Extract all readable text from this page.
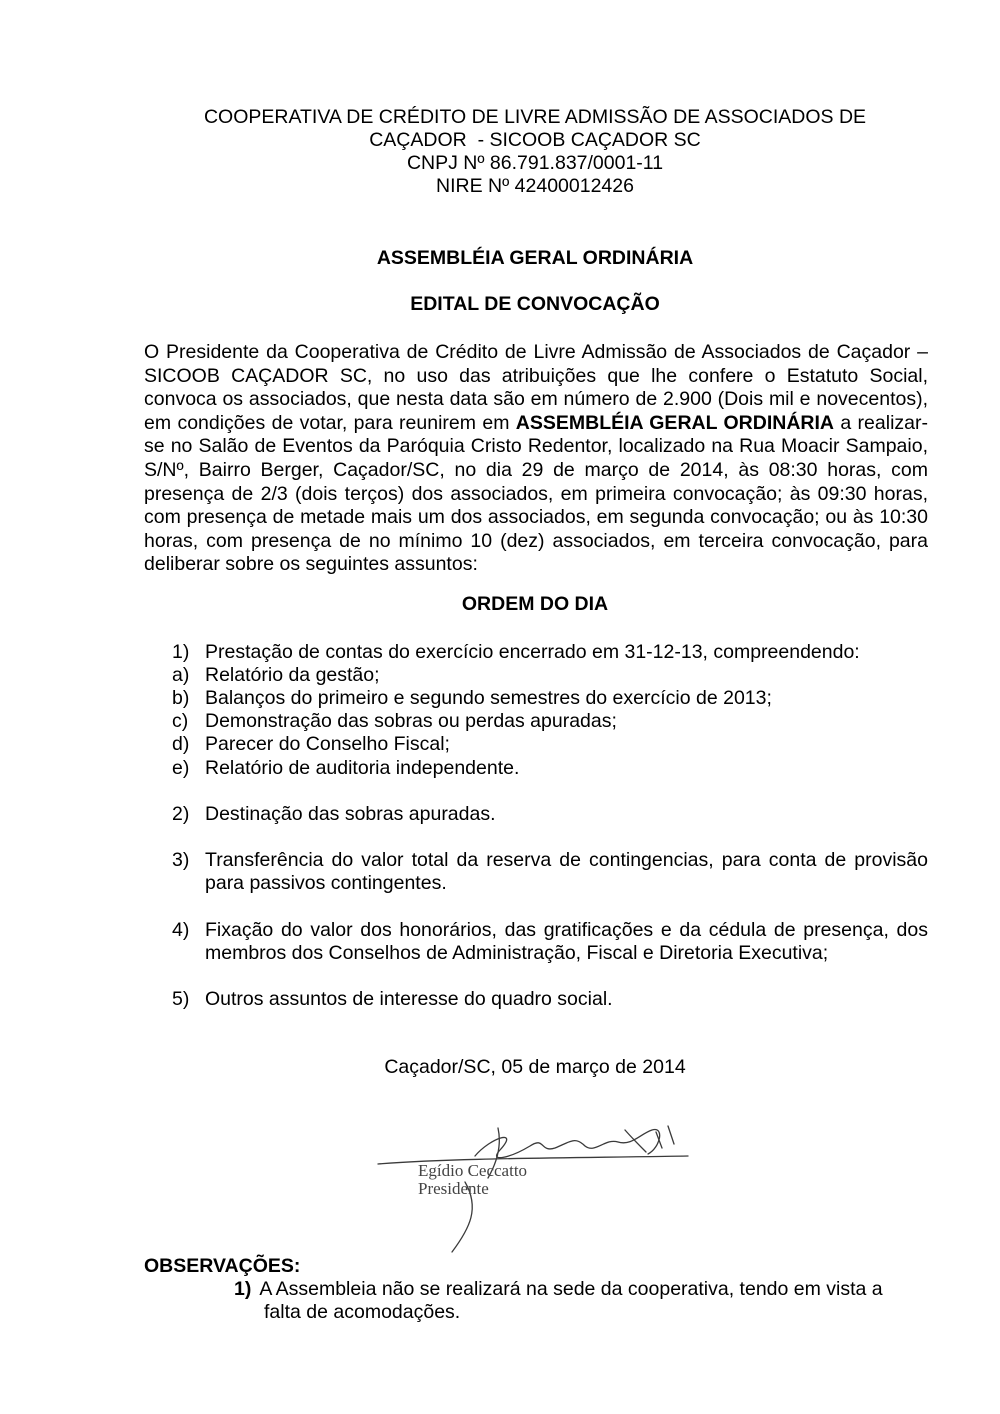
COOPERATIVA DE CRÉDITO DE LIVRE ADMISSÃO DE ASSOCIADOS DE
CAÇADOR  - SICOOB CAÇADOR SC
CNPJ Nº 86.791.837/0001-11
NIRE Nº 42400012426
ASSEMBLÉIA GERAL ORDINÁRIA
EDITAL DE CONVOCAÇÃO

O Presidente da Cooperativa de Crédito de Livre Admissão de Associados de Caçador – SICOOB CAÇADOR SC, no uso das atribuições que lhe confere o Estatuto Social, convoca os associados, que nesta data são em número de 2.900 (Dois mil e novecentos), em condições de votar, para reunirem em ASSEMBLÉIA GERAL ORDINÁRIA a realizar-se no Salão de Eventos da Paróquia Cristo Redentor, localizado na Rua Moacir Sampaio, S/Nº, Bairro Berger, Caçador/SC, no dia 29 de março de 2014, às 08:30 horas, com presença de 2/3 (dois terços) dos associados, em primeira convocação; às 09:30 horas, com presença de metade mais um dos associados, em segunda convocação; ou às 10:30 horas, com presença de no mínimo 10 (dez) associados, em terceira convocação, para deliberar sobre os seguintes assuntos:

ORDEM DO DIA
1) Prestação de contas do exercício encerrado em 31-12-13, compreendendo:
a) Relatório da gestão;
b) Balanços do primeiro e segundo semestres do exercício de 2013;
c) Demonstração das sobras ou perdas apuradas;
d) Parecer do Conselho Fiscal;
e) Relatório de auditoria independente.
2) Destinação das sobras apuradas.
3) Transferência do valor total da reserva de contingencias, para conta de provisão para passivos contingentes.
4) Fixação do valor dos honorários, das gratificações e da cédula de presença, dos membros dos Conselhos de Administração, Fiscal e Diretoria Executiva;
5) Outros assuntos de interesse do quadro social.
Caçador/SC, 05 de março de 2014
Egídio Ceccatto
Presidente
OBSERVAÇÕES:
1) A Assembleia não se realizará na sede da cooperativa, tendo em vista a
falta de acomodações.
